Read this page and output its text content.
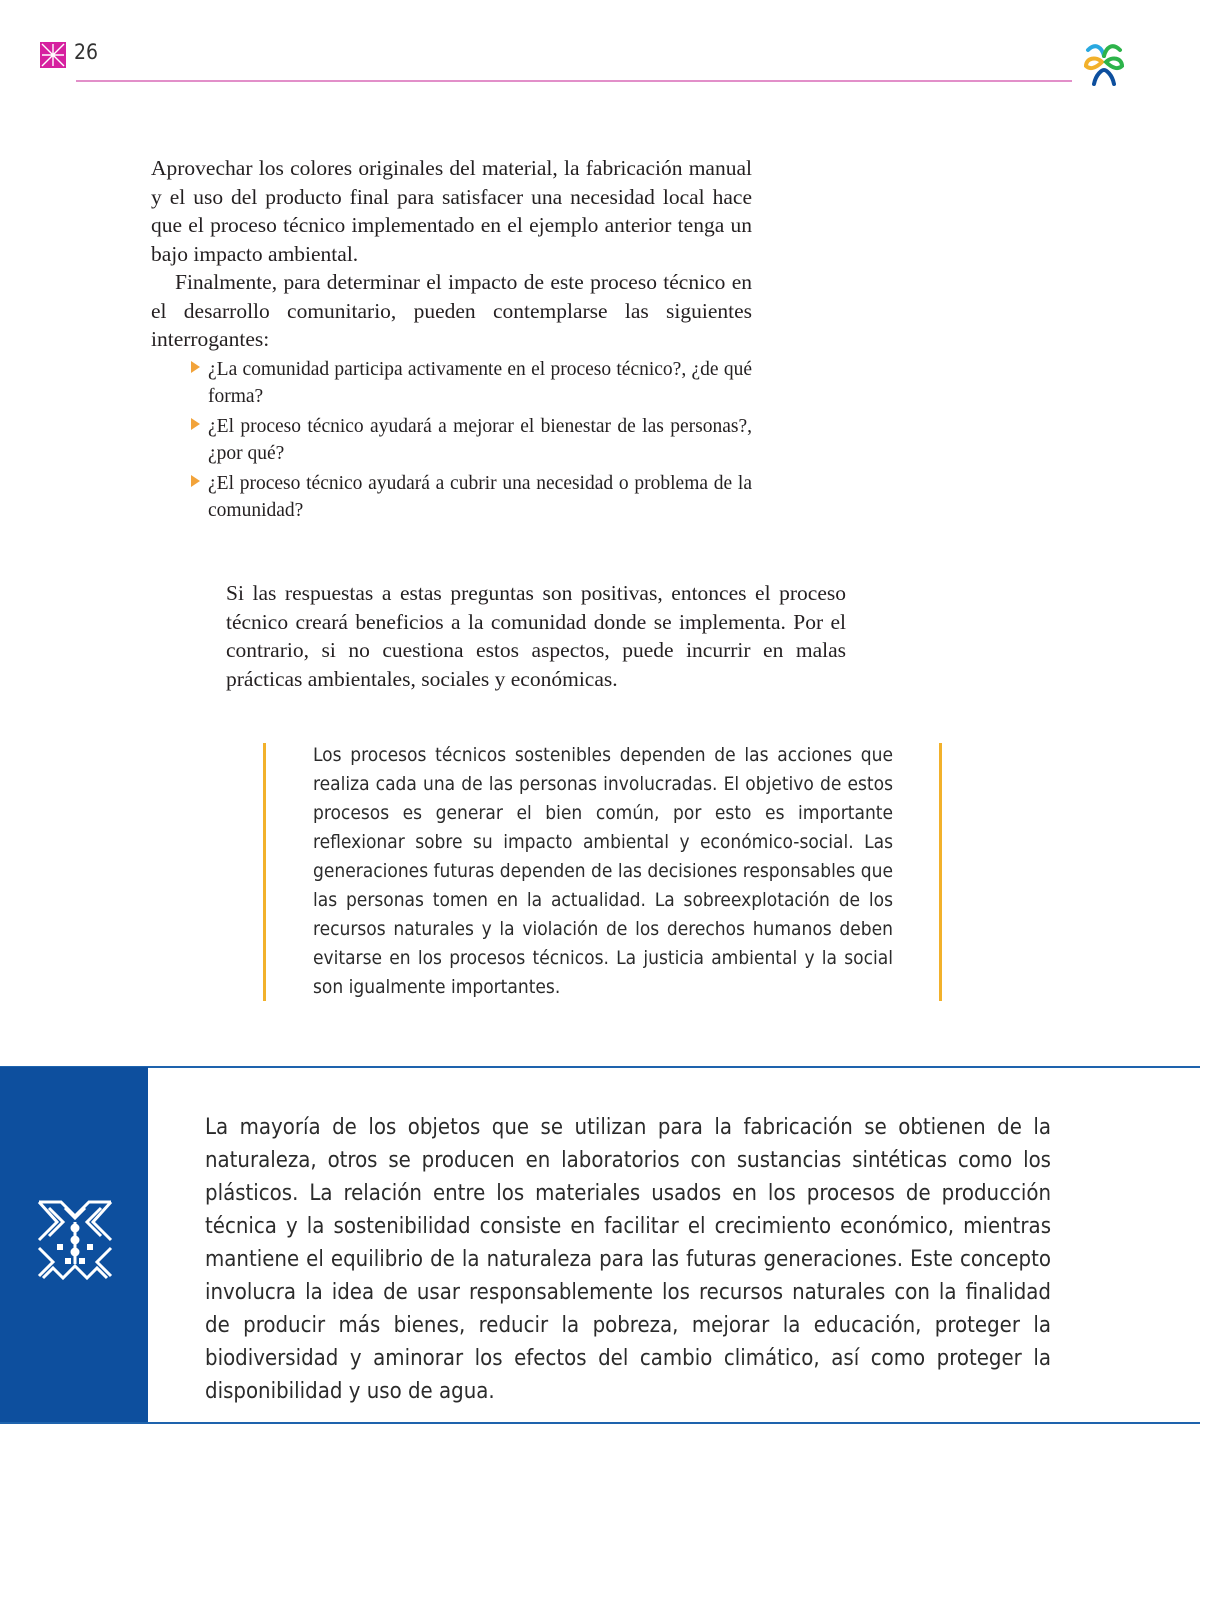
26

Aprovechar los colores originales del material, la fabricación manual y el uso del producto final para satisfacer una necesidad local hace que el proceso técnico implementado en el ejemplo anterior tenga un bajo impacto ambiental.

Finalmente, para determinar el impacto de este proceso técnico en el desarrollo comunitario, pueden contemplarse las siguientes interrogantes:

¿La comunidad participa activamente en el proceso técnico?, ¿de qué forma?
¿El proceso técnico ayudará a mejorar el bienestar de las personas?, ¿por qué?
¿El proceso técnico ayudará a cubrir una necesidad o problema de la comunidad?

Si las respuestas a estas preguntas son positivas, entonces el proceso técnico creará beneficios a la comunidad donde se implementa. Por el contrario, si no cuestiona estos aspectos, puede incurrir en malas prácticas ambientales, sociales y económicas.

Los procesos técnicos sostenibles dependen de las acciones que realiza cada una de las personas involucradas. El objetivo de estos procesos es generar el bien común, por esto es importante reflexionar sobre su impacto ambiental y económico-social. Las generaciones futuras dependen de las decisiones responsables que las personas tomen en la actualidad. La sobreexplotación de los recursos naturales y la violación de los derechos humanos deben evitarse en los procesos técnicos. La justicia ambiental y la social son igualmente importantes.

La mayoría de los objetos que se utilizan para la fabricación se obtienen de la naturaleza, otros se producen en laboratorios con sustancias sintéticas como los plásticos. La relación entre los materiales usados en los procesos de producción técnica y la sostenibilidad consiste en facilitar el crecimiento económico, mientras mantiene el equilibrio de la naturaleza para las futuras generaciones. Este concepto involucra la idea de usar responsablemente los recursos naturales con la finalidad de producir más bienes, reducir la pobreza, mejorar la educación, proteger la biodiversidad y aminorar los efectos del cambio climático, así como proteger la disponibilidad y uso de agua.
